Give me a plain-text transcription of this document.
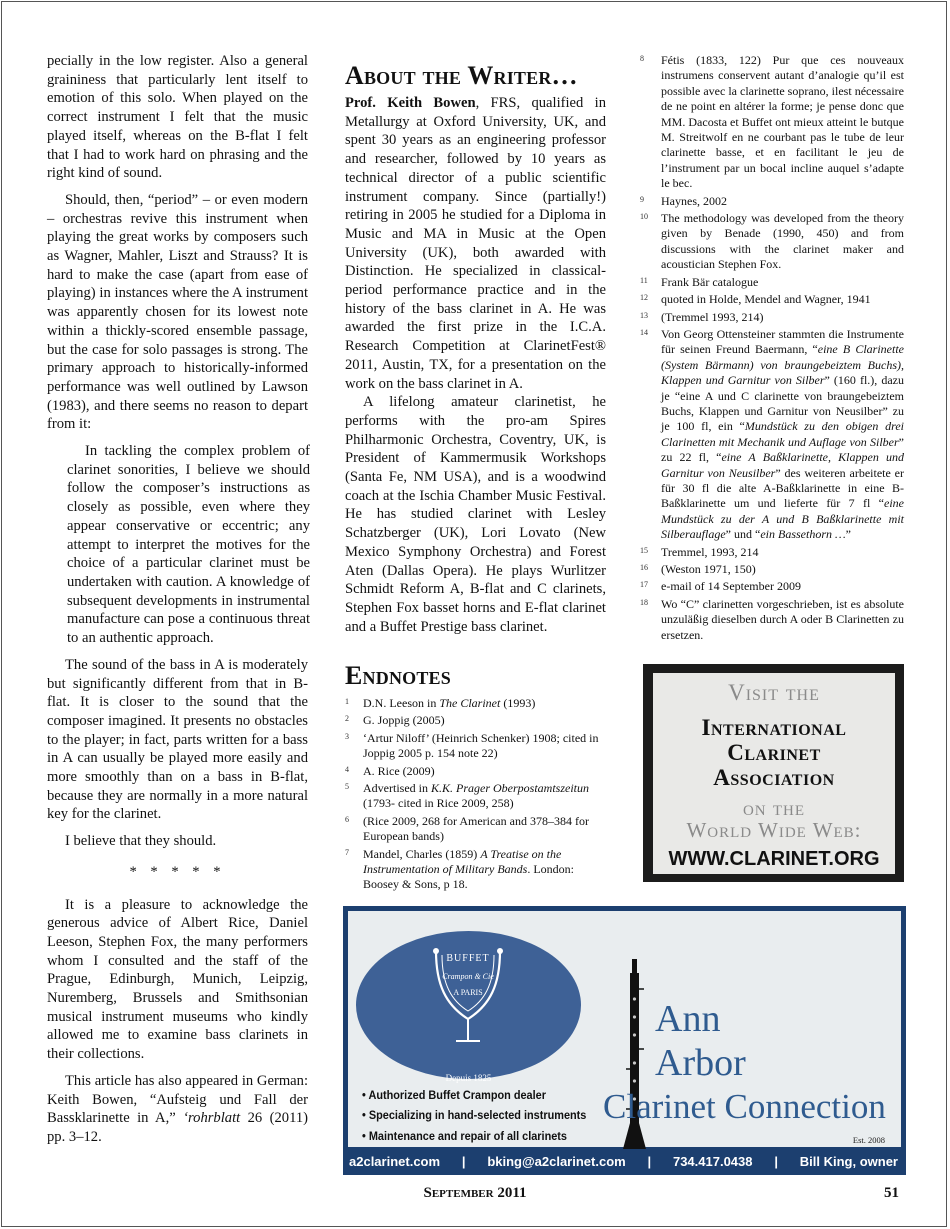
pecially in the low register. Also a general graininess that particularly lent itself to emotion of this solo. When played on the correct instrument I felt that the music played itself, whereas on the B-flat I felt that I had to work hard on phrasing and the right kind of sound.

Should, then, “period” – or even modern – orchestras revive this instrument when playing the great works by composers such as Wagner, Mahler, Liszt and Strauss? It is hard to make the case (apart from ease of playing) in instances where the A instrument was apparently chosen for its lowest note within a thickly-scored ensemble passage, but the case for solo passages is strong. The primary approach to historically-informed performance was well outlined by Lawson (1983), and there seems no reason to depart from it:

In tackling the complex problem of clarinet sonorities, I believe we should follow the composer’s instructions as closely as possible, even where they appear conservative or eccentric; any attempt to interpret the motives for the choice of a particular clarinet must be undertaken with caution. A knowledge of subsequent developments in instrumental manufacture can pose a continuous threat to an authentic approach.

The sound of the bass in A is moderately but significantly different from that in B-flat. It is closer to the sound that the composer imagined. It presents no obstacles to the player; in fact, parts written for a bass in A can usually be played more easily and more smoothly than on a bass in B-flat, because they are normally in a more natural key for the clarinet.

I believe that they should.

* * * * *

It is a pleasure to acknowledge the generous advice of Albert Rice, Daniel Leeson, Stephen Fox, the many performers whom I consulted and the staff of the Prague, Edinburgh, Munich, Leipzig, Nuremberg, Brussels and Smithsonian musical instrument museums who kindly allowed me to examine bass clarinets in their collections.

This article has also appeared in German: Keith Bowen, “Aufsteig und Fall der Bassklarinette in A,” ‘rohrblatt 26 (2011) pp. 3–12.

About the Writer…

Prof. Keith Bowen, FRS, qualified in Metallurgy at Oxford University, UK, and spent 30 years as an engineering professor and researcher, followed by 10 years as technical director of a public scientific instrument company. Since (partially!) retiring in 2005 he studied for a Diploma in Music and MA in Music at the Open University (UK), both awarded with Distinction. He specialized in classical-period performance practice and in the history of the bass clarinet in A. He was awarded the first prize in the I.C.A. Research Competition at ClarinetFest® 2011, Austin, TX, for a presentation on the work on the bass clarinet in A.

A lifelong amateur clarinetist, he performs with the pro-am Spires Philharmonic Orchestra, Coventry, UK, is President of Kammermusik Workshops (Santa Fe, NM USA), and is a woodwind coach at the Ischia Chamber Music Festival. He has studied clarinet with Lesley Schatzberger (UK), Lori Lovato (New Mexico Symphony Orchestra) and Forest Aten (Dallas Opera). He plays Wurlitzer Schmidt Reform A, B-flat and C clarinets, Stephen Fox basset horns and E-flat clarinet and a Buffet Prestige bass clarinet.

Endnotes
1	D.N. Leeson in The Clarinet (1993)
2	G. Joppig (2005)
3	‘Artur Niloff’ (Heinrich Schenker) 1908; cited in Joppig 2005 p. 154 note 22)
4	A. Rice (2009)
5	Advertised in K.K. Prager Oberpostamtszeitun (1793- cited in Rice 2009, 258)
6	(Rice 2009, 268 for American and 378–384 for European bands)
7	Mandel, Charles (1859) A Treatise on the Instrumentation of Military Bands. London: Boosey & Sons, p 18.
8	Fétis (1833, 122) Pur que ces nouveaux instrumens conservent autant d’analogie qu’il est possible avec la clarinette soprano, ilest nécessaire de ne point en altérer la forme; je pense donc que MM. Dacosta et Buffet ont mieux atteint le butque M. Streitwolf en ne courbant pas le tube de leur clarinette basse, et en facilitant le jeu de l’instrument par un bocal incline auquel s’adapte le bec.
9	Haynes, 2002
10	The methodology was developed from the theory given by Benade (1990, 450) and from discussions with the clarinet maker and acoustician Stephen Fox.
11	Frank Bär catalogue
12	quoted in Holde, Mendel and Wagner, 1941
13	(Tremmel 1993, 214)
14	Von Georg Ottensteiner stammten die Instrumente für seinen Freund Baermann, “eine B Clarinette (System Bärmann) von braungebeiztem Buchs), Klappen und Garnitur von Silber” (160 fl.), dazu je “eine A und C clarinette von braungebeiztem Buchs, Klappen und Garnitur von Neusilber” zu je 100 fl, ein “Mundstück zu den obigen drei Clarinetten mit Mechanik und Auflage von Silber” zu 22 fl, “eine A Baßklarinette, Klappen und Garnitur von Neusilber” des weiteren arbeitete er für 30 fl die alte A-Baßklarinette in eine B-Baßklarinette um und lieferte für 7 fl “eine Mundstück zu der A und B Baßklarinette mit Silberauflage” und “ein Bassethorn …”
15	Tremmel, 1993, 214
16	(Weston 1971, 150)
17	e-mail of 14 September 2009
18	Wo “C” clarinetten vorgeschrieben, ist es absolute unzuläßig dieselben durch A oder B Clarinetten zu ersetzen.
Visit the
International
Clarinet
Association
on the
World Wide Web:
WWW.CLARINET.ORG
BUFFET
Crampon & Cie
A PARIS
Depuis 1825
• Authorized Buffet Crampon dealer
• Specializing in hand-selected instruments
• Maintenance and repair of all clarinets
Ann
Arbor
Clarinet Connection
Est. 2008
a2clarinet.com | bking@a2clarinet.com | 734.417.0438 | Bill King, owner
September 2011	51
